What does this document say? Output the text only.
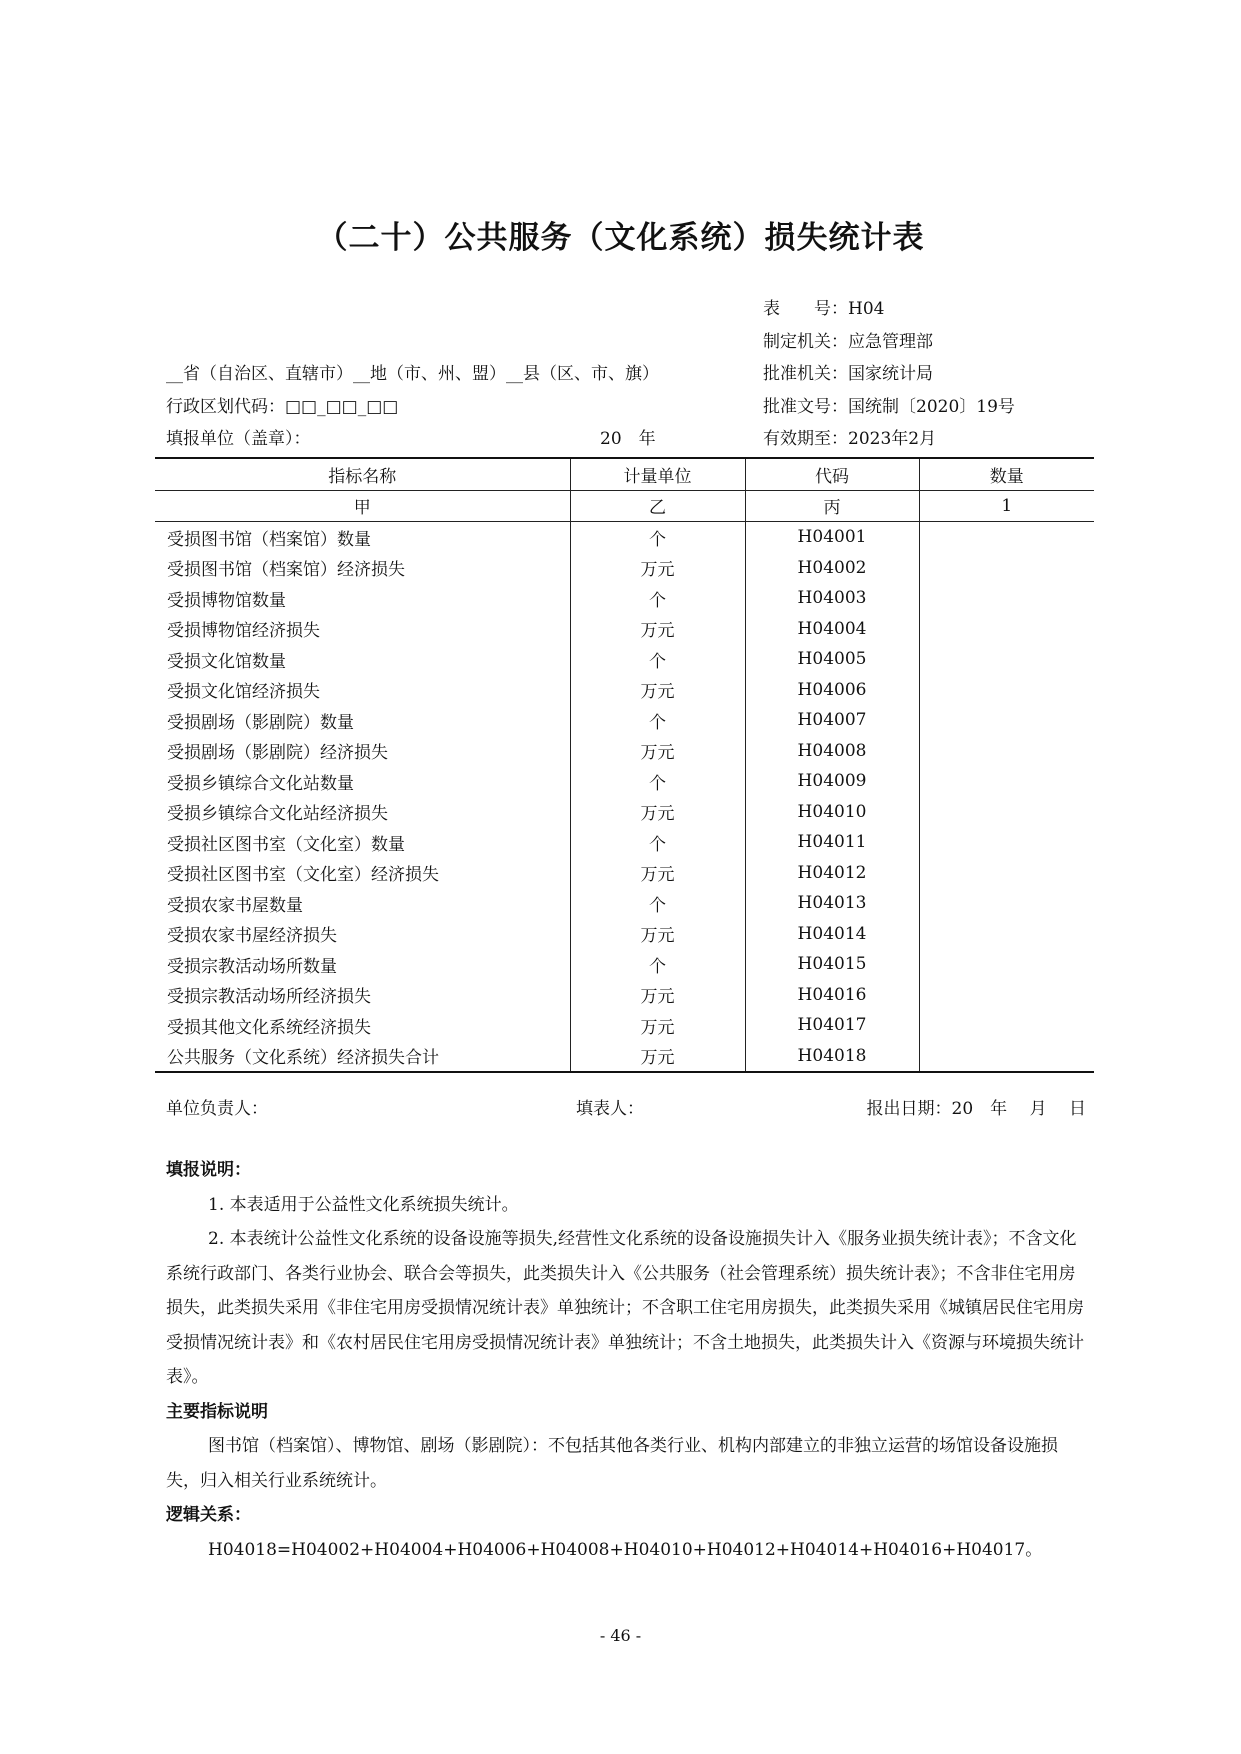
（二十）公共服务（文化系统）损失统计表
表　　号：H04
制定机关：应急管理部
批准机关：国家统计局
批准文号：国统制〔2020〕19号
有效期至：2023年2月
__省（自治区、直辖市）__地（市、州、盟）__县（区、市、旗）
行政区划代码：□□_□□_□□
填报单位（盖章）：	20　年
指标名称	计量单位	代码	数量
甲	乙	丙	1
受损图书馆（档案馆）数量	个	H04001	
受损图书馆（档案馆）经济损失	万元	H04002	
受损博物馆数量	个	H04003	
受损博物馆经济损失	万元	H04004	
受损文化馆数量	个	H04005	
受损文化馆经济损失	万元	H04006	
受损剧场（影剧院）数量	个	H04007	
受损剧场（影剧院）经济损失	万元	H04008	
受损乡镇综合文化站数量	个	H04009	
受损乡镇综合文化站经济损失	万元	H04010	
受损社区图书室（文化室）数量	个	H04011	
受损社区图书室（文化室）经济损失	万元	H04012	
受损农家书屋数量	个	H04013	
受损农家书屋经济损失	万元	H04014	
受损宗教活动场所数量	个	H04015	
受损宗教活动场所经济损失	万元	H04016	
受损其他文化系统经济损失	万元	H04017	
公共服务（文化系统）经济损失合计	万元	H04018	
单位负责人：	填表人：	报出日期：20　年　 月　 日
填报说明：
1. 本表适用于公益性文化系统损失统计。
2. 本表统计公益性文化系统的设备设施等损失,经营性文化系统的设备设施损失计入《服务业损失统计表》；不含文化系统行政部门、各类行业协会、联合会等损失，此类损失计入《公共服务（社会管理系统）损失统计表》；不含非住宅用房损失，此类损失采用《非住宅用房受损情况统计表》单独统计；不含职工住宅用房损失，此类损失采用《城镇居民住宅用房受损情况统计表》和《农村居民住宅用房受损情况统计表》单独统计；不含土地损失，此类损失计入《资源与环境损失统计表》。
主要指标说明
图书馆（档案馆）、博物馆、剧场（影剧院）：不包括其他各类行业、机构内部建立的非独立运营的场馆设备设施损失，归入相关行业系统统计。
逻辑关系：
H04018=H04002+H04004+H04006+H04008+H04010+H04012+H04014+H04016+H04017。
- 46 -
